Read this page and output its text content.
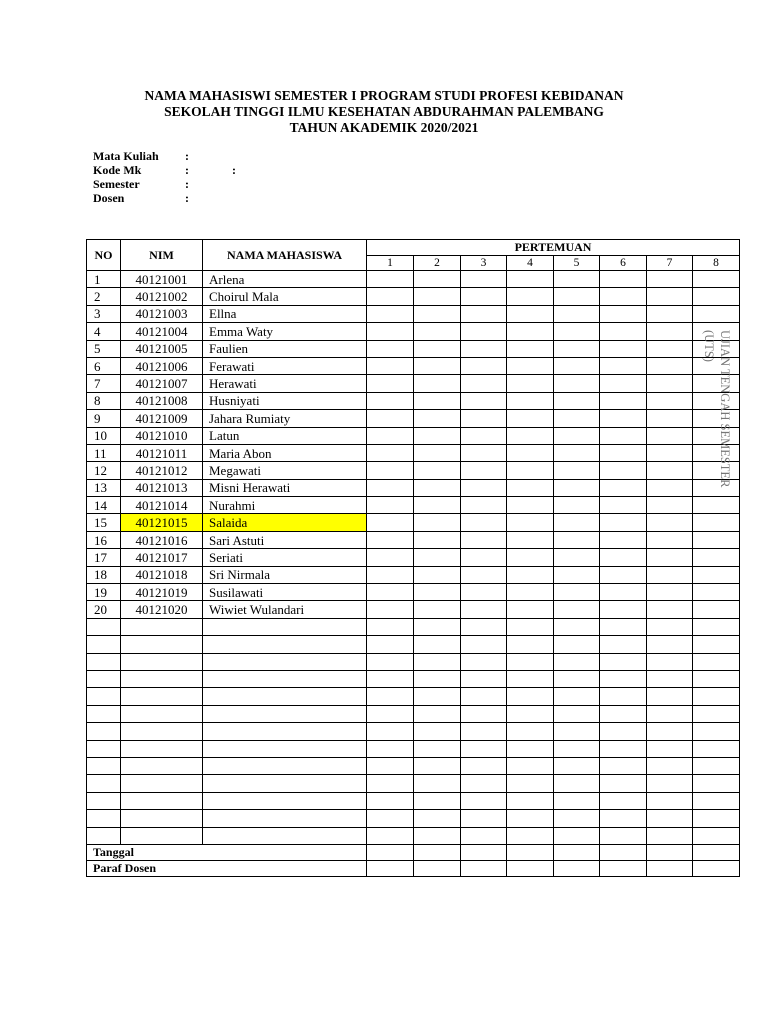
NAMA MAHASISWI SEMESTER I PROGRAM STUDI PROFESI KEBIDANAN
SEKOLAH TINGGI ILMU KESEHATAN ABDURAHMAN PALEMBANG
TAHUN AKADEMIK 2020/2021
Mata Kuliah :
Kode Mk	:	:
Semester	:
Dosen	:
NO	NIM	NAMA MAHASISWA	PERTEMUAN							
			1	2	3	4	5	6	7	8
1	40121001	Arlena								
2	40121002	Choirul Mala								
3	40121003	Ellna								
4	40121004	Emma Waty								
5	40121005	Faulien								
6	40121006	Ferawati								
7	40121007	Herawati								
8	40121008	Husniyati								
9	40121009	Jahara Rumiaty								
10	40121010	Latun								
11	40121011	Maria Abon								
12	40121012	Megawati								
13	40121013	Misni Herawati								
14	40121014	Nurahmi								
15	40121015	Salaida								
16	40121016	Sari Astuti								
17	40121017	Seriati								
18	40121018	Sri Nirmala								
19	40121019	Susilawati								
20	40121020	Wiwiet Wulandari								

Tanggal										
Paraf Dosen										
UJIAN TENGAH SEMESTER
(UTS)
